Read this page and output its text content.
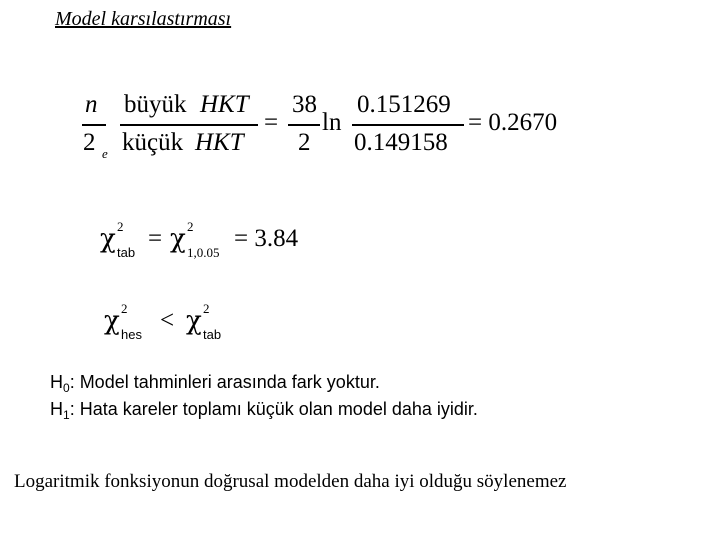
Model karsılastırması
n
2 e
büyük HKT
küçük HKT
=
38
2
ln
0.151269
0.149158
= 0.2670
χ 2
tab
= χ 2
1,0.05
= 3.84
χ 2
hes
< χ 2
tab
$H_0$: Model tahminleri arasında fark yoktur.
$H_1$: Hata kareler toplamı küçük olan model daha iyidir.
Logaritmik fonksiyonun doğrusal modelden daha iyi olduğu söylenemez
